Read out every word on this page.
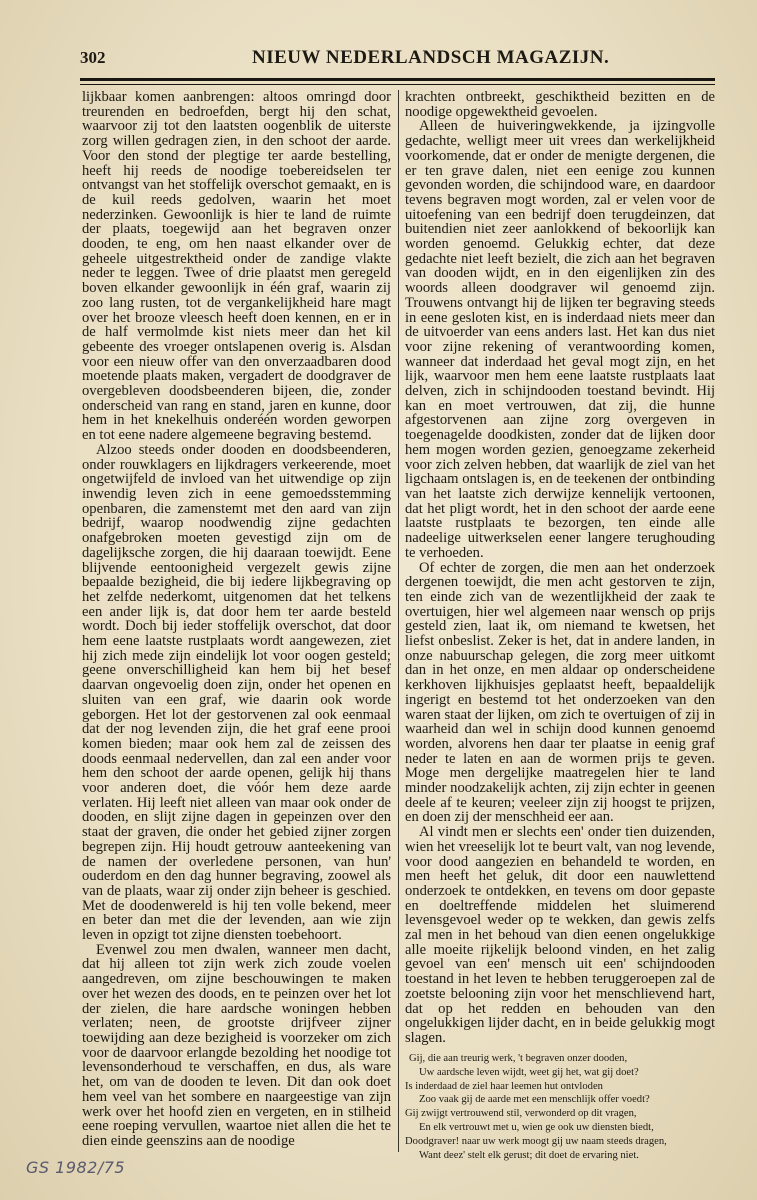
302	NIEUW NEDERLANDSCH MAGAZIJN.

lijkbaar komen aanbrengen: altoos omringd door treurenden en bedroefden, bergt hij den schat, waarvoor zij tot den laatsten oogenblik de uiterste zorg willen gedragen zien, in den schoot der aarde. Voor den stond der plegtige ter aarde bestelling, heeft hij reeds de noodige toebereidselen ter ontvangst van het stoffelijk overschot gemaakt, en is de kuil reeds gedolven, waarin het moet nederzinken. Gewoonlijk is hier te land de ruimte der plaats, toegewijd aan het begraven onzer dooden, te eng, om hen naast elkander over de geheele uitgestrektheid onder de zandige vlakte neder te leggen. Twee of drie plaatst men geregeld boven elkander gewoonlijk in één graf, waarin zij zoo lang rusten, tot de vergankelijkheid hare magt over het brooze vleesch heeft doen kennen, en er in de half vermolmde kist niets meer dan het kil gebeente des vroeger ontslapenen overig is. Alsdan voor een nieuw offer van den onverzaadbaren dood moetende plaats maken, vergadert de doodgraver de overgebleven doodsbeenderen bijeen, die, zonder onderscheid van rang en stand, jaren en kunne, door hem in het knekelhuis onderéén worden geworpen en tot eene nadere algemeene begraving bestemd.

Alzoo steeds onder dooden en doodsbeenderen, onder rouwklagers en lijkdragers verkeerende, moet ongetwijfeld de invloed van het uitwendige op zijn inwendig leven zich in eene gemoedsstemming openbaren, die zamenstemt met den aard van zijn bedrijf, waarop noodwendig zijne gedachten onafgebroken moeten gevestigd zijn om de dagelijksche zorgen, die hij daaraan toewijdt. Eene blijvende eentoonigheid vergezelt gewis zijne bepaalde bezigheid, die bij iedere lijkbegraving op het zelfde nederkomt, uitgenomen dat het telkens een ander lijk is, dat door hem ter aarde besteld wordt. Doch bij ieder stoffelijk overschot, dat door hem eene laatste rustplaats wordt aangewezen, ziet hij zich mede zijn eindelijk lot voor oogen gesteld; geene onverschilligheid kan hem bij het besef daarvan ongevoelig doen zijn, onder het openen en sluiten van een graf, wie daarin ook worde geborgen. Het lot der gestorvenen zal ook eenmaal dat der nog levenden zijn, die het graf eene prooi komen bieden; maar ook hem zal de zeissen des doods eenmaal nedervellen, dan zal een ander voor hem den schoot der aarde openen, gelijk hij thans voor anderen doet, die vóór hem deze aarde verlaten. Hij leeft niet alleen van maar ook onder de dooden, en slijt zijne dagen in gepeinzen over den staat der graven, die onder het gebied zijner zorgen begrepen zijn. Hij houdt getrouw aanteekening van de namen der overledene personen, van hun' ouderdom en den dag hunner begraving, zoowel als van de plaats, waar zij onder zijn beheer is geschied. Met de doodenwereld is hij ten volle bekend, meer en beter dan met die der levenden, aan wie zijn leven in opzigt tot zijne diensten toebehoort.

Evenwel zou men dwalen, wanneer men dacht, dat hij alleen tot zijn werk zich zoude voelen aangedreven, om zijne beschouwingen te maken over het wezen des doods, en te peinzen over het lot der zielen, die hare aardsche woningen hebben verlaten; neen, de grootste drijfveer zijner toewijding aan deze bezigheid is voorzeker om zich voor de daarvoor erlangde bezolding het noodige tot levensonderhoud te verschaffen, en dus, als ware het, om van de dooden te leven. Dit dan ook doet hem veel van het sombere en naargeestige van zijn werk over het hoofd zien en vergeten, en in stilheid eene roeping vervullen, waartoe niet allen die het te dien einde geenszins aan de noodige

krachten ontbreekt, geschiktheid bezitten en de noodige opgewektheid gevoelen.

Alleen de huiveringwekkende, ja ijzingvolle gedachte, welligt meer uit vrees dan werkelijkheid voorkomende, dat er onder de menigte dergenen, die er ten grave dalen, niet een eenige zou kunnen gevonden worden, die schijndood ware, en daardoor tevens begraven mogt worden, zal er velen voor de uitoefening van een bedrijf doen terugdeinzen, dat buitendien niet zeer aanlokkend of bekoorlijk kan worden genoemd. Gelukkig echter, dat deze gedachte niet leeft bezielt, die zich aan het begraven van dooden wijdt, en in den eigenlijken zin des woords alleen doodgraver wil genoemd zijn. Trouwens ontvangt hij de lijken ter begraving steeds in eene gesloten kist, en is inderdaad niets meer dan de uitvoerder van eens anders last. Het kan dus niet voor zijne rekening of verantwoording komen, wanneer dat inderdaad het geval mogt zijn, en het lijk, waarvoor men hem eene laatste rustplaats laat delven, zich in schijndooden toestand bevindt. Hij kan en moet vertrouwen, dat zij, die hunne afgestorvenen aan zijne zorg overgeven in toegenagelde doodkisten, zonder dat de lijken door hem mogen worden gezien, genoegzame zekerheid voor zich zelven hebben, dat waarlijk de ziel van het ligchaam ontslagen is, en de teekenen der ontbinding van het laatste zich derwijze kennelijk vertoonen, dat het pligt wordt, het in den schoot der aarde eene laatste rustplaats te bezorgen, ten einde alle nadeelige uitwerkselen eener langere terughouding te verhoeden.

Of echter de zorgen, die men aan het onderzoek dergenen toewijdt, die men acht gestorven te zijn, ten einde zich van de wezentlijkheid der zaak te overtuigen, hier wel algemeen naar wensch op prijs gesteld zien, laat ik, om niemand te kwetsen, het liefst onbeslist. Zeker is het, dat in andere landen, in onze nabuurschap gelegen, die zorg meer uitkomt dan in het onze, en men aldaar op onderscheidene kerkhoven lijkhuisjes geplaatst heeft, bepaaldelijk ingerigt en bestemd tot het onderzoeken van den waren staat der lijken, om zich te overtuigen of zij in waarheid dan wel in schijn dood kunnen genoemd worden, alvorens hen daar ter plaatse in eenig graf neder te laten en aan de wormen prijs te geven. Moge men dergelijke maatregelen hier te land minder noodzakelijk achten, zij zijn echter in geenen deele af te keuren; veeleer zijn zij hoogst te prijzen, en doen zij der menschheid eer aan.

Al vindt men er slechts een' onder tien duizenden, wien het vreeselijk lot te beurt valt, van nog levende, voor dood aangezien en behandeld te worden, en men heeft het geluk, dit door een nauwlettend onderzoek te ontdekken, en tevens om door gepaste en doeltreffende middelen het sluimerend levensgevoel weder op te wekken, dan gewis zelfs zal men in het behoud van dien eenen ongelukkige alle moeite rijkelijk beloond vinden, en het zalig gevoel van een' mensch uit een' schijndooden toestand in het leven te hebben teruggeroepen zal de zoetste belooning zijn voor het menschlievend hart, dat op het redden en behouden van den ongelukkigen lijder dacht, en in beide gelukkig mogt slagen.

Gij, die aan treurig werk, 't begraven onzer dooden,
Uw aardsche leven wijdt, weet gij het, wat gij doet?
Is inderdaad de ziel haar leemen hut ontvloden
Zoo vaak gij de aarde met een menschlijk offer voedt?
Gij zwijgt vertrouwend stil, verwonderd op dit vragen,
En elk vertrouwt met u, wien ge ook uw diensten biedt,
Doodgraver! naar uw werk moogt gij uw naam steeds dragen,
Want deez' stelt elk gerust; dit doet de ervaring niet.
GS 1982/75
